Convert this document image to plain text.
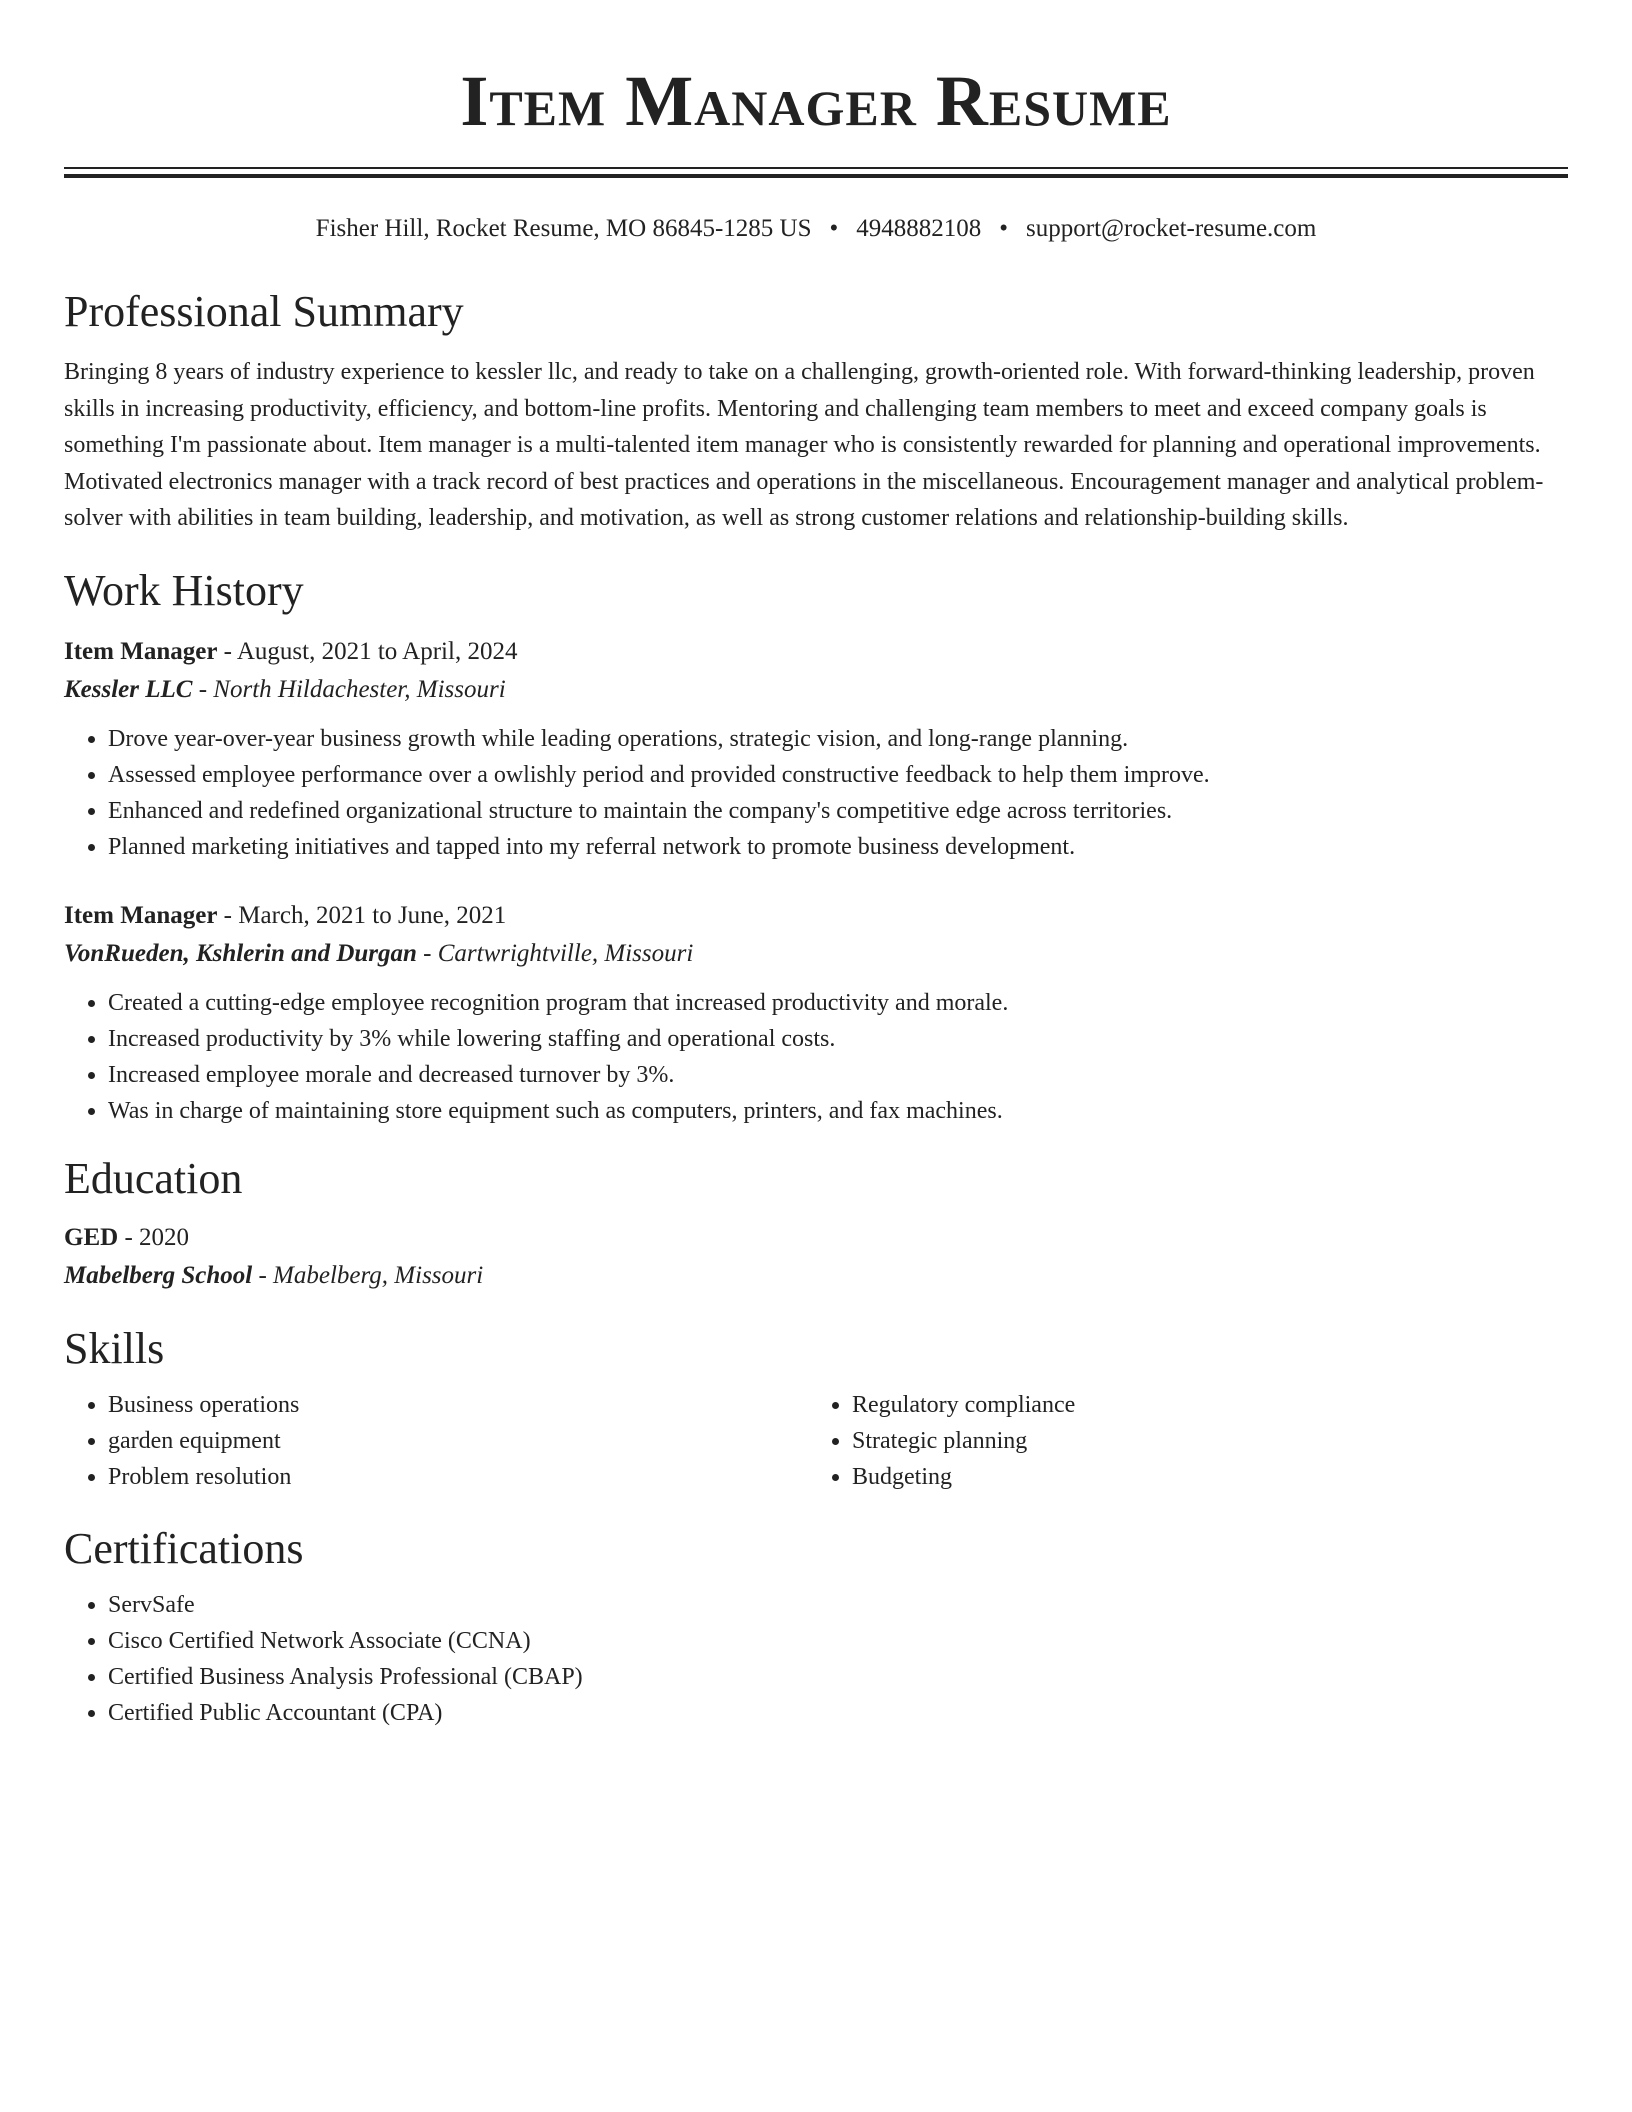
Item Manager Resume
Fisher Hill, Rocket Resume, MO 86845-1285 US • 4948882108 • support@rocket-resume.com
Professional Summary

Bringing 8 years of industry experience to kessler llc, and ready to take on a challenging, growth-oriented role. With forward-thinking leadership, proven skills in increasing productivity, efficiency, and bottom-line profits. Mentoring and challenging team members to meet and exceed company goals is something I'm passionate about. Item manager is a multi-talented item manager who is consistently rewarded for planning and operational improvements. Motivated electronics manager with a track record of best practices and operations in the miscellaneous. Encouragement manager and analytical problem-solver with abilities in team building, leadership, and motivation, as well as strong customer relations and relationship-building skills.

Work History
Item Manager - August, 2021 to April, 2024
Kessler LLC - North Hildachester, Missouri
• Drove year-over-year business growth while leading operations, strategic vision, and long-range planning.
• Assessed employee performance over a owlishly period and provided constructive feedback to help them improve.
• Enhanced and redefined organizational structure to maintain the company's competitive edge across territories.
• Planned marketing initiatives and tapped into my referral network to promote business development.
Item Manager - March, 2021 to June, 2021
VonRueden, Kshlerin and Durgan - Cartwrightville, Missouri
• Created a cutting-edge employee recognition program that increased productivity and morale.
• Increased productivity by 3% while lowering staffing and operational costs.
• Increased employee morale and decreased turnover by 3%.
• Was in charge of maintaining store equipment such as computers, printers, and fax machines.
Education
GED - 2020
Mabelberg School - Mabelberg, Missouri
Skills
• Business operations
• garden equipment
• Problem resolution
• Regulatory compliance
• Strategic planning
• Budgeting
Certifications
• ServSafe
• Cisco Certified Network Associate (CCNA)
• Certified Business Analysis Professional (CBAP)
• Certified Public Accountant (CPA)
